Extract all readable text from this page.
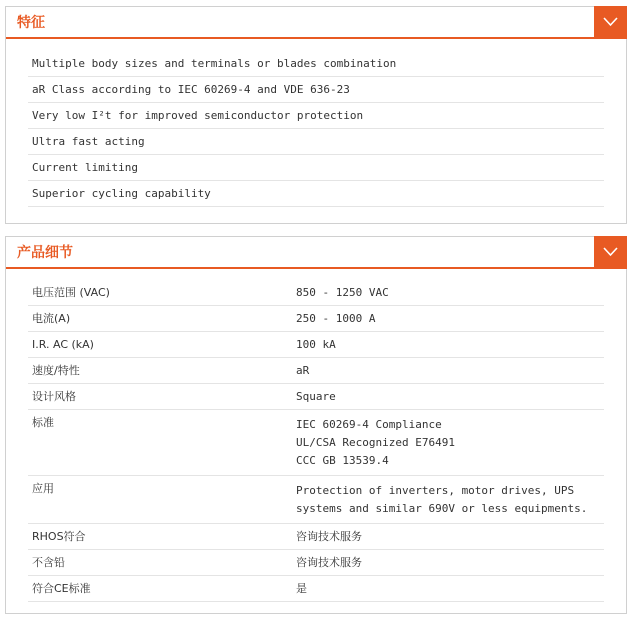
特征
Multiple body sizes and terminals or blades combination
aR Class according to IEC 60269-4 and VDE 636-23
Very low I²t for improved semiconductor protection
Ultra fast acting
Current limiting
Superior cycling capability
产品细节
电压范围 (VAC)	850 - 1250 VAC
电流(A)	250 - 1000 A
I.R. AC (kA)	100 kA
速度/特性	aR
设计风格	Square
标准	IEC 60269-4 Compliance
UL/CSA Recognized E76491
CCC GB 13539.4
应用	Protection of inverters, motor drives, UPS
systems and similar 690V or less equipments.
RHOS符合	咨询技术服务
不含铅	咨询技术服务
符合CE标准	是
